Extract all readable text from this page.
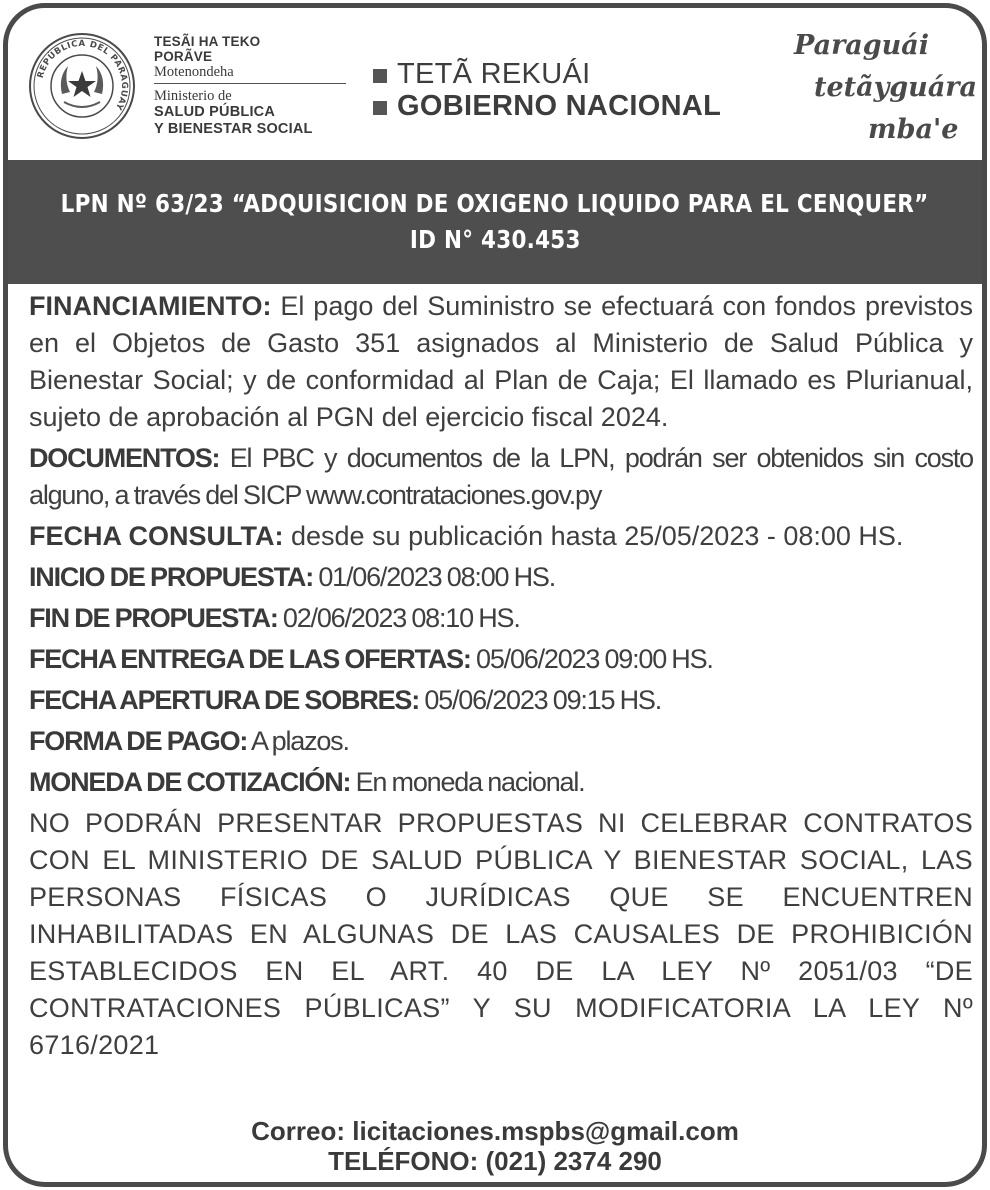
REPÚBLICA DEL PARAGUAY
TESÃI HA TEKO
PORÃVE
Motenondeha
Ministerio de
SALUD PÚBLICA
Y BIENESTAR SOCIAL
TETÃ REKUÁI
GOBIERNO NACIONAL
Paraguái
tetãyguára
mba'e
LPN Nº 63/23 “ADQUISICION DE OXIGENO LIQUIDO PARA EL CENQUER”
ID N° 430.453

FINANCIAMIENTO: El pago del Suministro se efectuará con fondos previstos en el Objetos de Gasto 351 asignados al Ministerio de Salud Pública y Bienestar Social; y de conformidad al Plan de Caja; El llamado es Plurianual, sujeto de aprobación al PGN del ejercicio fiscal 2024.

DOCUMENTOS: El PBC y documentos de la LPN, podrán ser obtenidos sin costo alguno, a través del SICP www.contrataciones.gov.py

FECHA CONSULTA: desde su publicación hasta 25/05/2023 - 08:00 HS.

INICIO DE PROPUESTA: 01/06/2023 08:00 HS.

FIN DE PROPUESTA: 02/06/2023 08:10 HS.

FECHA ENTREGA DE LAS OFERTAS: 05/06/2023 09:00 HS.

FECHA APERTURA DE SOBRES: 05/06/2023 09:15 HS.

FORMA DE PAGO: A plazos.

MONEDA DE COTIZACIÓN: En moneda nacional.

NO PODRÁN PRESENTAR PROPUESTAS NI CELEBRAR CONTRATOS CON EL MINISTERIO DE SALUD PÚBLICA Y BIENESTAR SOCIAL, LAS PERSONAS FÍSICAS O JURÍDICAS QUE SE ENCUENTREN INHABILITADAS EN ALGUNAS DE LAS CAUSALES DE PROHIBICIÓN ESTABLECIDOS EN EL ART. 40 DE LA LEY Nº 2051/03 “DE CONTRATACIONES PÚBLICAS” Y SU MODIFICATORIA LA LEY Nº 6716/2021

Correo: licitaciones.mspbs@gmail.com
TELÉFONO: (021) 2374 290
